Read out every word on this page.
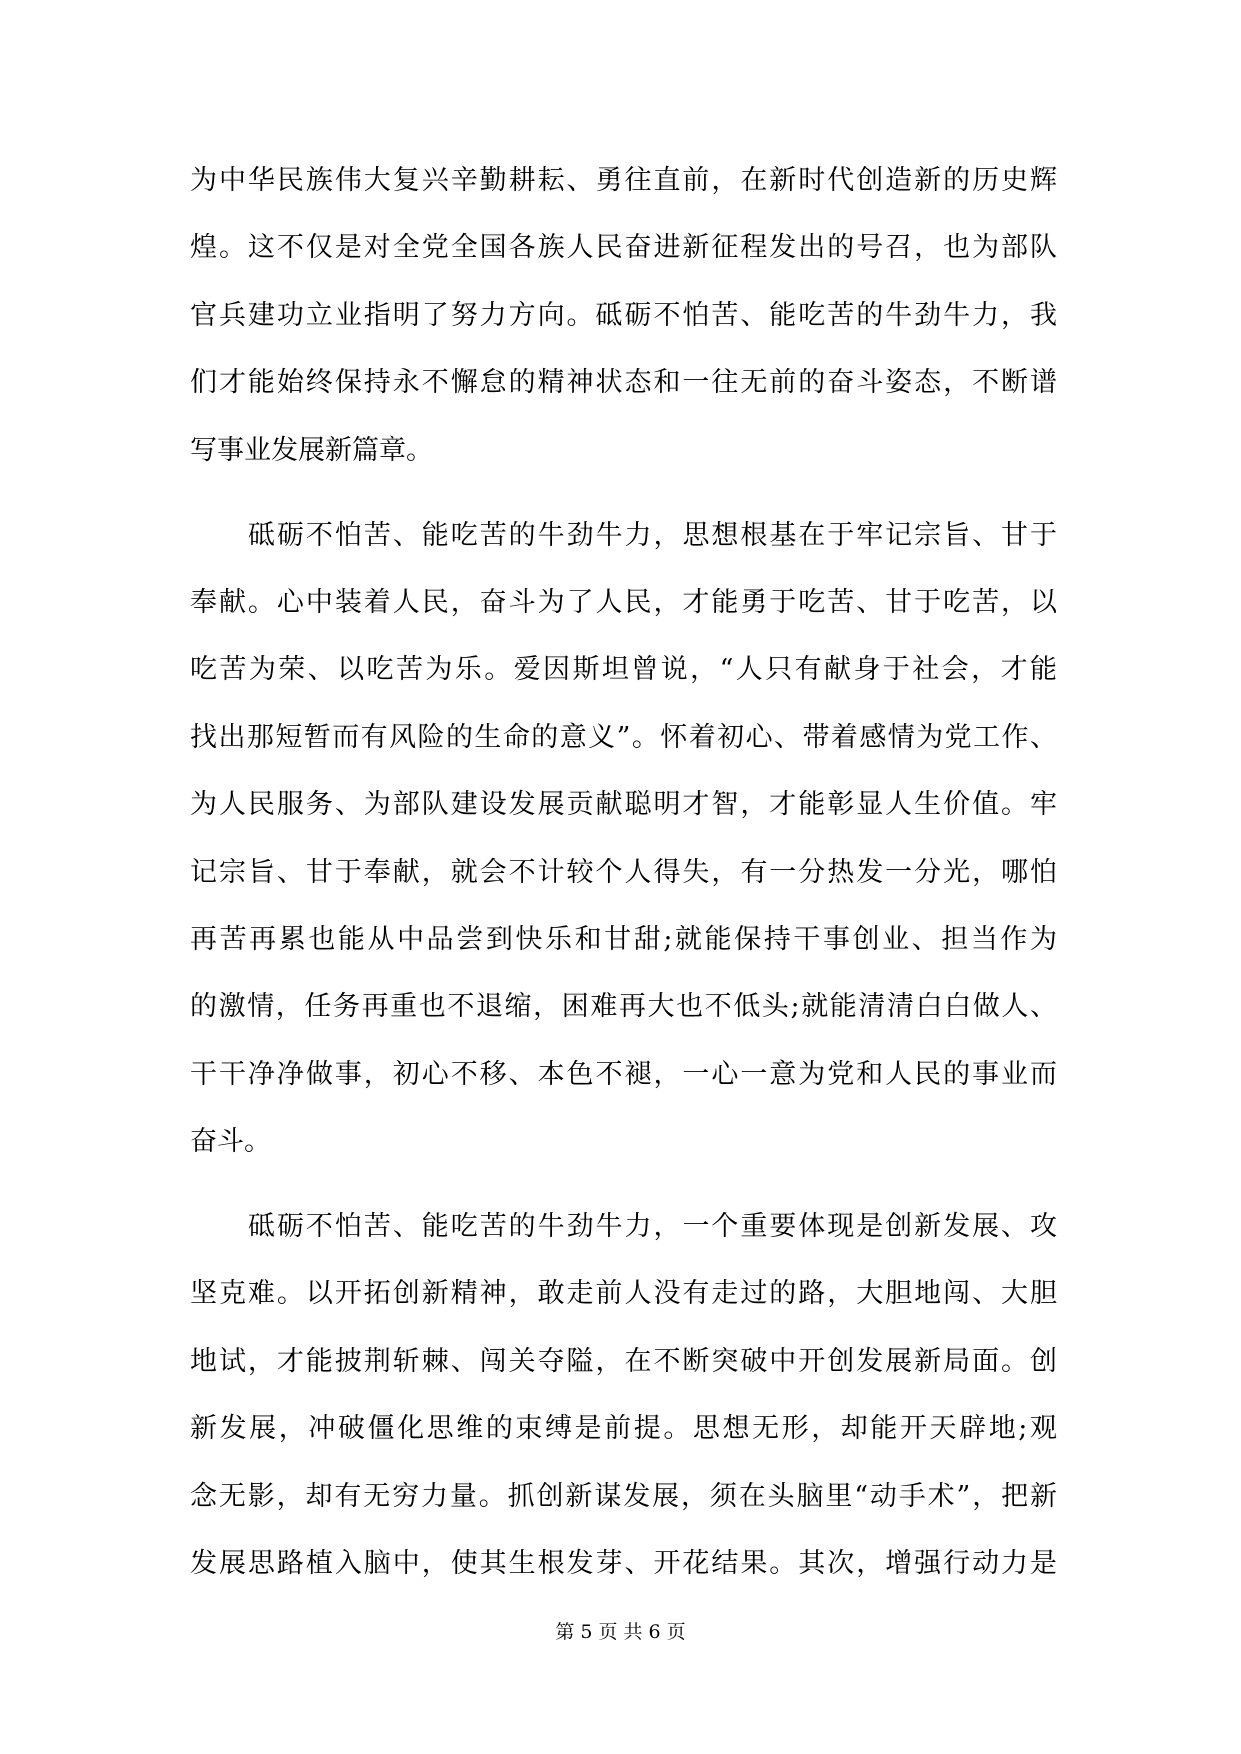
为中华民族伟大复兴辛勤耕耘、勇往直前，在新时代创造新的历史辉
煌。这不仅是对全党全国各族人民奋进新征程发出的号召，也为部队
官兵建功立业指明了努力方向。砥砺不怕苦、能吃苦的牛劲牛力，我
们才能始终保持永不懈怠的精神状态和一往无前的奋斗姿态，不断谱
写事业发展新篇章。
砥砺不怕苦、能吃苦的牛劲牛力，思想根基在于牢记宗旨、甘于
奉献。心中装着人民，奋斗为了人民，才能勇于吃苦、甘于吃苦，以
吃苦为荣、以吃苦为乐。爱因斯坦曾说，“人只有献身于社会，才能
找出那短暂而有风险的生命的意义”。怀着初心、带着感情为党工作、
为人民服务、为部队建设发展贡献聪明才智，才能彰显人生价值。牢
记宗旨、甘于奉献，就会不计较个人得失，有一分热发一分光，哪怕
再苦再累也能从中品尝到快乐和甘甜;就能保持干事创业、担当作为
的激情，任务再重也不退缩，困难再大也不低头;就能清清白白做人、
干干净净做事，初心不移、本色不褪，一心一意为党和人民的事业而
奋斗。
砥砺不怕苦、能吃苦的牛劲牛力，一个重要体现是创新发展、攻
坚克难。以开拓创新精神，敢走前人没有走过的路，大胆地闯、大胆
地试，才能披荆斩棘、闯关夺隘，在不断突破中开创发展新局面。创
新发展，冲破僵化思维的束缚是前提。思想无形，却能开天辟地;观
念无影，却有无穷力量。抓创新谋发展，须在头脑里“动手术”，把新
发展思路植入脑中，使其生根发芽、开花结果。其次，增强行动力是
第 5 页 共 6 页
